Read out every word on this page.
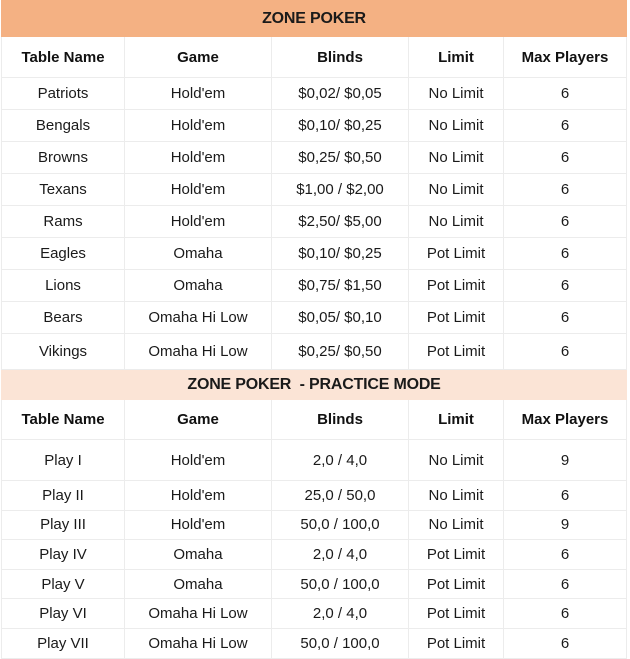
ZONE POKER				
Table Name	Game	Blinds	Limit	Max Players
Patriots	Hold'em	$0,02/ $0,05	No Limit	6
Bengals	Hold'em	$0,10/ $0,25	No Limit	6
Browns	Hold'em	$0,25/ $0,50	No Limit	6
Texans	Hold'em	$1,00 / $2,00	No Limit	6
Rams	Hold'em	$2,50/ $5,00	No Limit	6
Eagles	Omaha	$0,10/ $0,25	Pot Limit	6
Lions	Omaha	$0,75/ $1,50	Pot Limit	6
Bears	Omaha Hi Low	$0,05/ $0,10	Pot Limit	6
Vikings	Omaha Hi Low	$0,25/ $0,50	Pot Limit	6
ZONE POKER  - PRACTICE MODE				
Table Name	Game	Blinds	Limit	Max Players
Play I	Hold'em	2,0 / 4,0	No Limit	9
Play II	Hold'em	25,0 / 50,0	No Limit	6
Play III	Hold'em	50,0 / 100,0	No Limit	9
Play IV	Omaha	2,0 / 4,0	Pot Limit	6
Play V	Omaha	50,0 / 100,0	Pot Limit	6
Play VI	Omaha Hi Low	2,0 / 4,0	Pot Limit	6
Play VII	Omaha Hi Low	50,0 / 100,0	Pot Limit	6
